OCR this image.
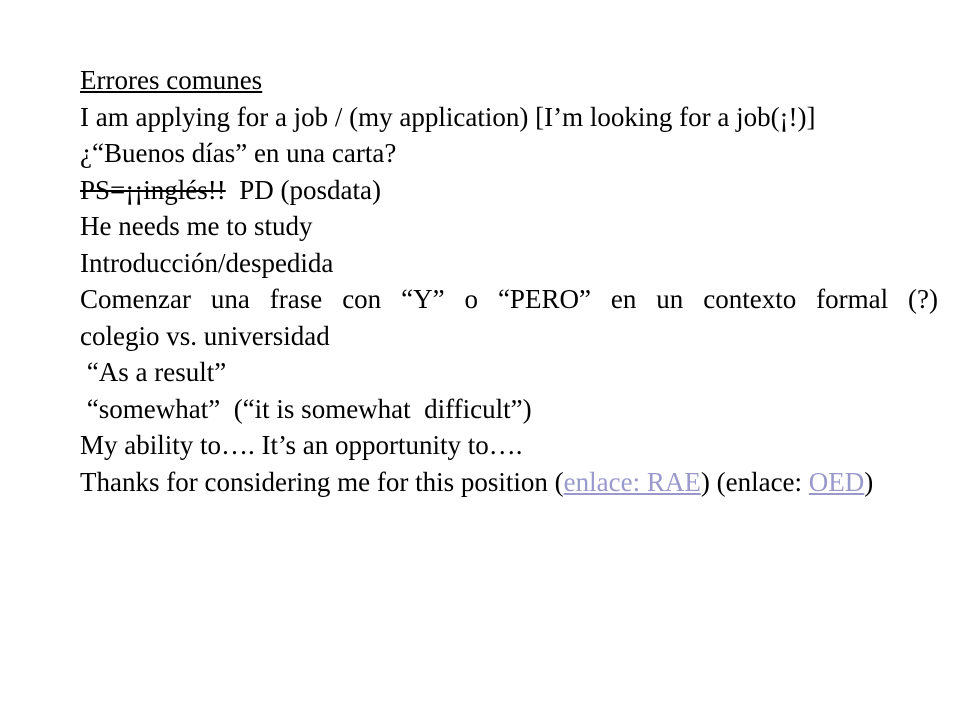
Errores comunes
I am applying for a job / (my application) [I’m looking for a job(¡!)]
¿“Buenos días” en una carta?
PS=¡¡inglés!!  PD (posdata)
He needs me to study
Introducción/despedida
Comenzar una frase con “Y” o “PERO” en un contexto formal (?)
colegio vs. universidad
“As a result”
“somewhat”  (“it is somewhat  difficult”)
My ability to…. It’s an opportunity to….
Thanks for considering me for this position (enlace: RAE) (enlace: OED)
